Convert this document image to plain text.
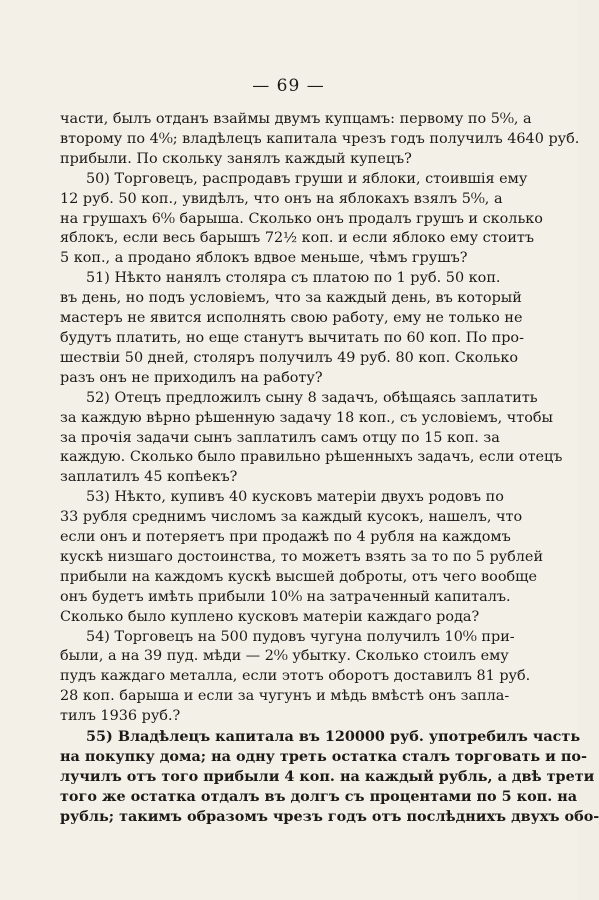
— 69 —
части, былъ отданъ взаймы двумъ купцамъ: первому по 5⁰⁄₀, а
второму по 4⁰⁄₀; владѣлецъ капитала чрезъ годъ получилъ 4640 руб.
прибыли. По скольку занялъ каждый купецъ?
50) Торговецъ, распродавъ груши и яблоки, стоившія ему
12 руб. 50 коп., увидѣлъ, что онъ на яблокахъ взялъ 5⁰⁄₀, а
на грушахъ 6⁰⁄₀ барыша. Сколько онъ продалъ грушъ и сколько
яблокъ, если весь барышъ 72½ коп. и если яблоко ему стоитъ
5 коп., а продано яблокъ вдвое меньше, чѣмъ грушъ?
51) Нѣкто нанялъ столяра съ платою по 1 руб. 50 коп.
въ день, но подъ условіемъ, что за каждый день, въ который
мастеръ не явится исполнять свою работу, ему не только не
будутъ платить, но еще станутъ вычитать по 60 коп. По про-
шествіи 50 дней, столяръ получилъ 49 руб. 80 коп. Сколько
разъ онъ не приходилъ на работу?
52) Отецъ предложилъ сыну 8 задачъ, обѣщаясь заплатить
за каждую вѣрно рѣшенную задачу 18 коп., съ условіемъ, чтобы
за прочія задачи сынъ заплатилъ самъ отцу по 15 коп. за
каждую. Сколько было правильно рѣшенныхъ задачъ, если отецъ
заплатилъ 45 копѣекъ?
53) Нѣкто, купивъ 40 кусковъ матеріи двухъ родовъ по
33 рубля среднимъ числомъ за каждый кусокъ, нашелъ, что
если онъ и потеряетъ при продажѣ по 4 рубля на каждомъ
кускѣ низшаго достоинства, то можетъ взять за то по 5 рублей
прибыли на каждомъ кускѣ высшей доброты, отъ чего вообще
онъ будетъ имѣть прибыли 10⁰⁄₀ на затраченный капиталъ.
Сколько было куплено кусковъ матеріи каждаго рода?
54) Торговецъ на 500 пудовъ чугуна получилъ 10⁰⁄₀ при-
были, а на 39 пуд. мѣди — 2⁰⁄₀ убытку. Сколько стоилъ ему
пудъ каждаго металла, если этотъ оборотъ доставилъ 81 руб.
28 коп. барыша и если за чугунъ и мѣдь вмѣстѣ онъ запла-
тилъ 1936 руб.?
55) Владѣлецъ капитала въ 120000 руб. употребилъ часть
на покупку дома; на одну треть остатка сталъ торговать и по-
лучилъ отъ того прибыли 4 коп. на каждый рубль, а двѣ трети
того же остатка отдалъ въ долгъ съ процентами по 5 коп. на
рубль; такимъ образомъ чрезъ годъ отъ послѣднихъ двухъ обо-
